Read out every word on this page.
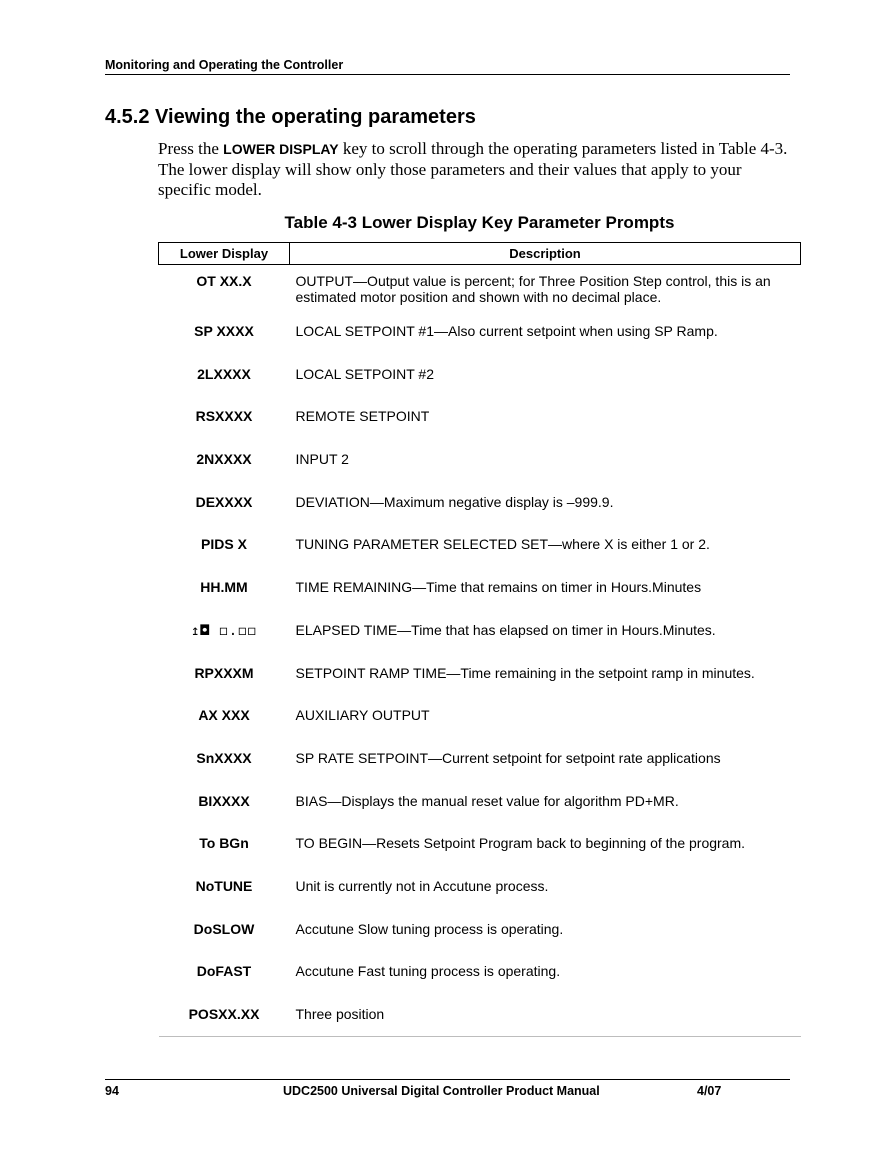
Monitoring and Operating the Controller
4.5.2 Viewing the operating parameters
Press the LOWER DISPLAY key to scroll through the operating parameters listed in Table 4-3. The lower display will show only those parameters and their values that apply to your specific model.
Table 4-3 Lower Display Key Parameter Prompts
Lower Display	Description
OT XX.X	OUTPUT—Output value is percent; for Three Position Step control, this is an estimated motor position and shown with no decimal place.
SP XXXX	LOCAL SETPOINT #1—Also current setpoint when using SP Ramp.
2LXXXX	LOCAL SETPOINT #2
RSXXXX	REMOTE SETPOINT
2NXXXX	INPUT 2
DEXXXX	DEVIATION—Maximum negative display is –999.9.
PIDS X	TUNING PARAMETER SELECTED SET—where X is either 1 or 2.
HH.MM	TIME REMAINING—Time that remains on timer in Hours.Minutes
↥◘ ◻.◻◻	ELAPSED TIME—Time that has elapsed on timer in Hours.Minutes.
RPXXXM	SETPOINT RAMP TIME—Time remaining in the setpoint ramp in minutes.
AX XXX	AUXILIARY OUTPUT
SnXXXX	SP RATE SETPOINT—Current setpoint for setpoint rate applications
BIXXXX	BIAS—Displays the manual reset value for algorithm PD+MR.
To BGn	TO BEGIN—Resets Setpoint Program back to beginning of the program.
NoTUNE	Unit is currently not in Accutune process.
DoSLOW	Accutune Slow tuning process is operating.
DoFAST	Accutune Fast tuning process is operating.
POSXX.XX	Three position
94	UDC2500 Universal Digital Controller Product Manual	4/07
